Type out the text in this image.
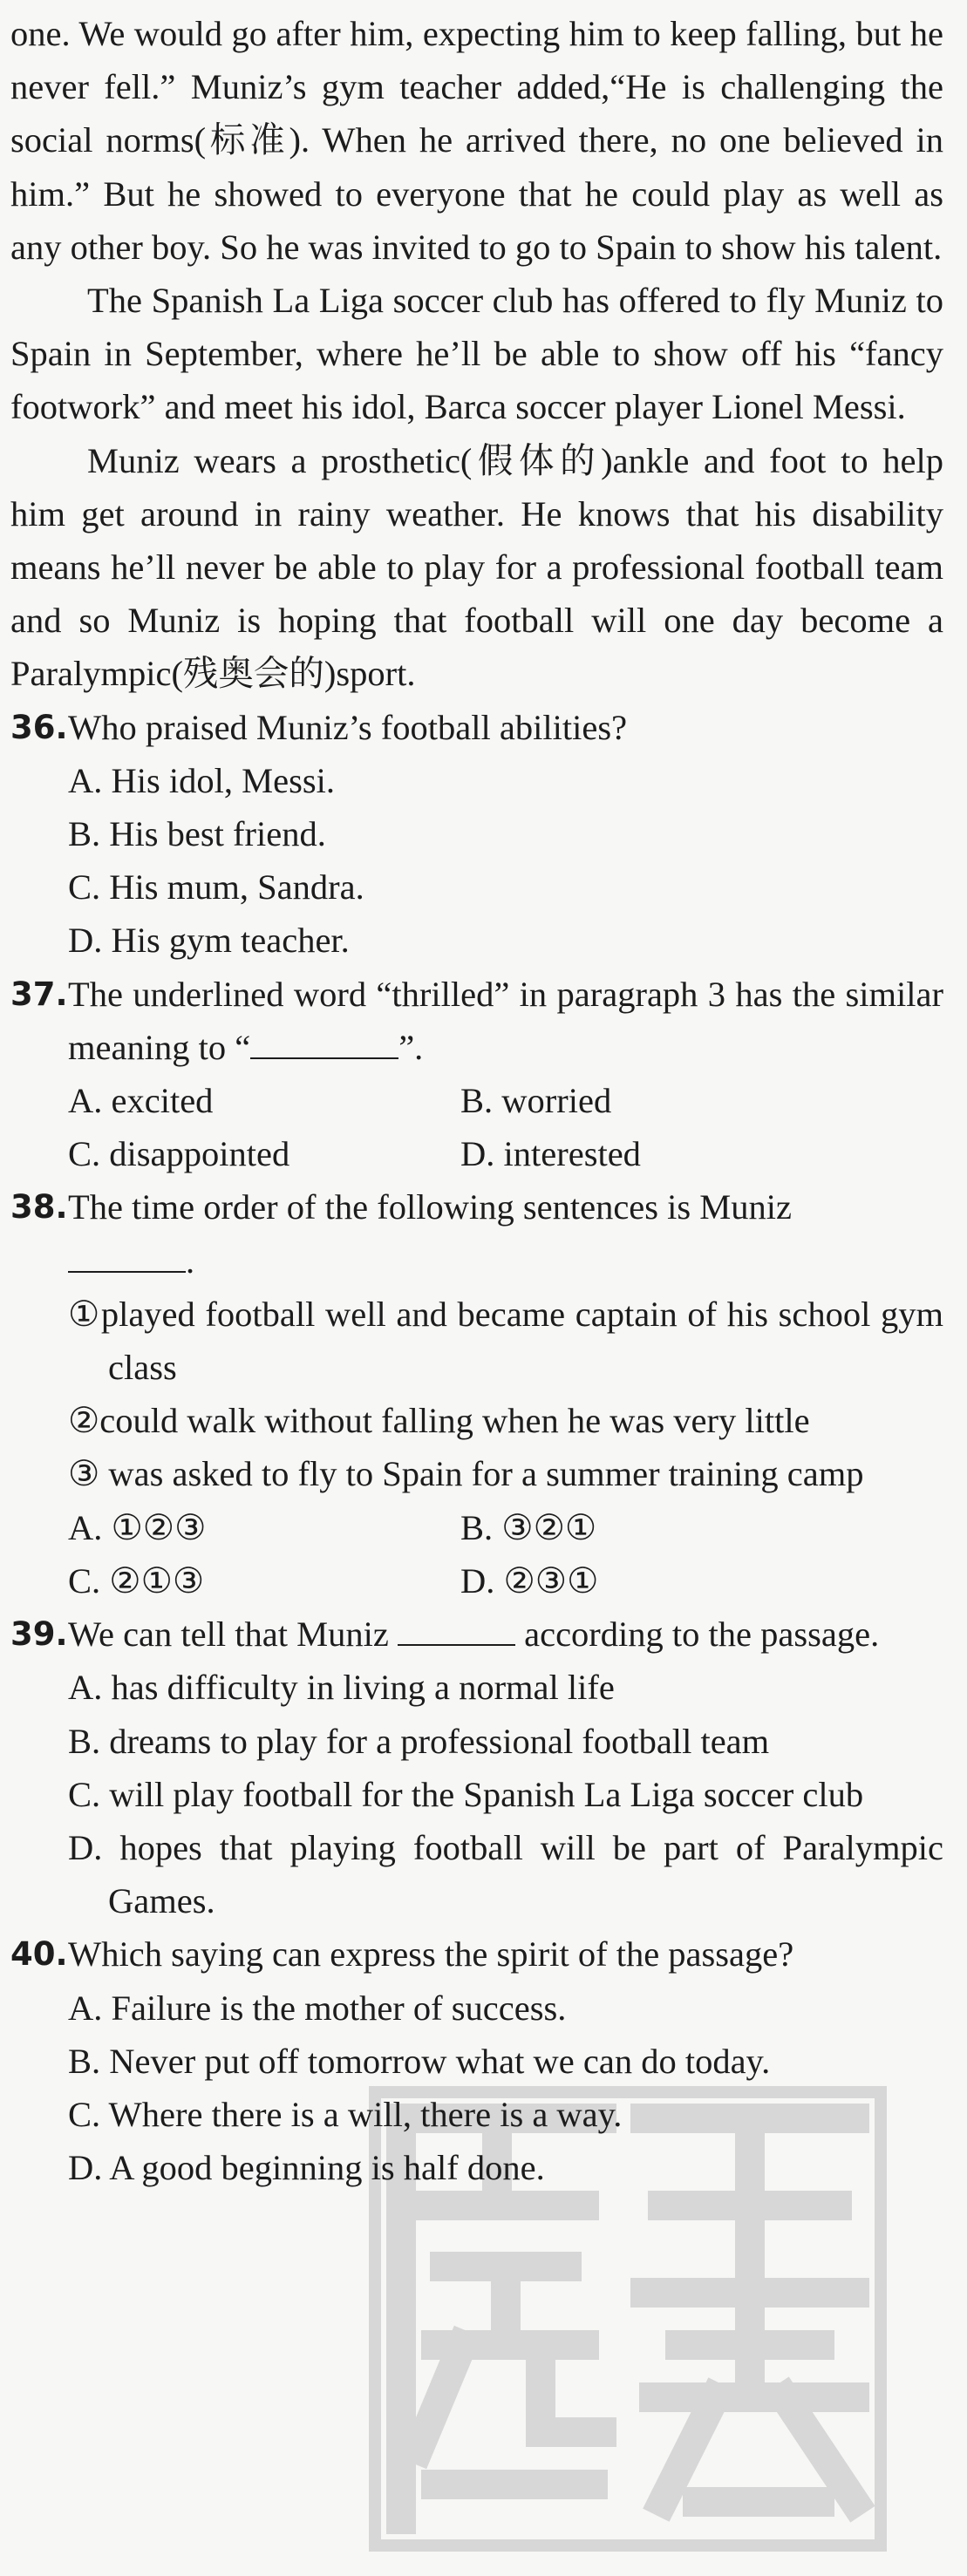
one. We would go after him, expecting him to keep falling, but he never fell.” Muniz’s gym teacher added,“He is challenging the social norms(标准). When he arrived there, no one believed in him.” But he showed to everyone that he could play as well as any other boy. So he was invited to go to Spain to show his talent.

The Spanish La Liga soccer club has offered to fly Muniz to Spain in September, where he’ll be able to show off his “fancy footwork” and meet his idol, Barca soccer player Lionel Messi.

Muniz wears a prosthetic(假体的)ankle and foot to help him get around in rainy weather. He knows that his disability means he’ll never be able to play for a professional football team and so Muniz is hoping that football will one day become a Paralympic(残奥会的)sport.

36. Who praised Muniz’s football abilities?

A. His idol, Messi.

B. His best friend.

C. His mum, Sandra.

D. His gym teacher.

37. The underlined word “thrilled” in paragraph 3 has the similar meaning to “	”.

A. excited	B. worried
C. disappointed	D. interested

38. The time order of the following sentences is Muniz

.

①played football well and became captain of his school gym class

②could walk without falling when he was very little

③ was asked to fly to Spain for a summer training camp

A. ①②③	B. ③②①
C. ②①③	D. ②③①

39. We can tell that Muniz	according to the passage.

A. has difficulty in living a normal life

B. dreams to play for a professional football team

C. will play football for the Spanish La Liga soccer club

D. hopes that playing football will be part of Paralympic Games.

40. Which saying can express the spirit of the passage?

A. Failure is the mother of success.

B. Never put off tomorrow what we can do today.

C. Where there is a will, there is a way.

D. A good beginning is half done.
